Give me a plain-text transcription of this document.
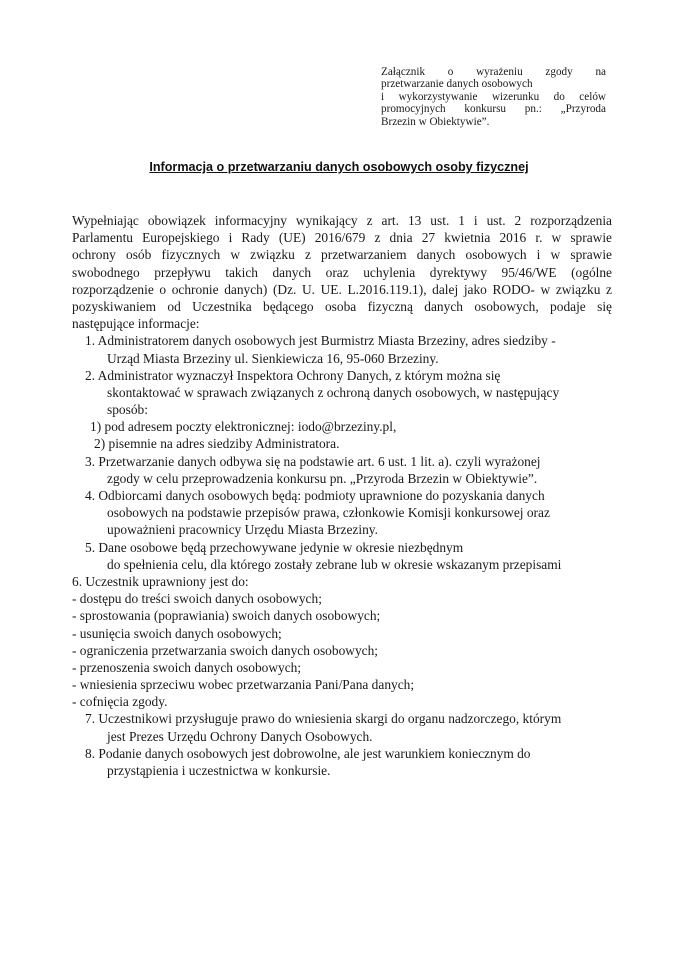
Załącznik o wyrażeniu zgody na
przetwarzanie danych osobowych
i wykorzystywanie wizerunku do celów
promocyjnych konkursu pn.: „Przyroda
Brzezin w Obiektywie”.
Informacja o przetwarzaniu danych osobowych osoby fizycznej
Wypełniając obowiązek informacyjny wynikający z art. 13 ust. 1 i ust. 2 rozporządzenia
Parlamentu Europejskiego i Rady (UE) 2016/679 z dnia 27 kwietnia 2016 r. w sprawie
ochrony osób fizycznych w związku z przetwarzaniem danych osobowych i w sprawie
swobodnego przepływu takich danych oraz uchylenia dyrektywy 95/46/WE (ogólne
rozporządzenie o ochronie danych) (Dz. U. UE. L.2016.119.1), dalej jako RODO- w związku z
pozyskiwaniem od Uczestnika będącego osoba fizyczną danych osobowych, podaje się
następujące informacje:
1. Administratorem danych osobowych jest Burmistrz Miasta Brzeziny, adres siedziby -
Urząd Miasta Brzeziny ul. Sienkiewicza 16, 95-060 Brzeziny.
2. Administrator wyznaczył Inspektora Ochrony Danych, z którym można się
skontaktować w sprawach związanych z ochroną danych osobowych, w następujący
sposób:
1) pod adresem poczty elektronicznej: iodo@brzeziny.pl,
2) pisemnie na adres siedziby Administratora.
3. Przetwarzanie danych odbywa się na podstawie art. 6 ust. 1 lit. a). czyli wyrażonej
zgody w celu przeprowadzenia konkursu pn. „Przyroda Brzezin w Obiektywie”.
4. Odbiorcami danych osobowych będą: podmioty uprawnione do pozyskania danych
osobowych na podstawie przepisów prawa, członkowie Komisji konkursowej oraz
upoważnieni pracownicy Urzędu Miasta Brzeziny.
5. Dane osobowe będą przechowywane jedynie w okresie niezbędnym
do spełnienia celu, dla którego zostały zebrane lub w okresie wskazanym przepisami
6. Uczestnik uprawniony jest do:
- dostępu do treści swoich danych osobowych;
- sprostowania (poprawiania) swoich danych osobowych;
- usunięcia swoich danych osobowych;
- ograniczenia przetwarzania swoich danych osobowych;
- przenoszenia swoich danych osobowych;
- wniesienia sprzeciwu wobec przetwarzania Pani/Pana danych;
- cofnięcia zgody.
7. Uczestnikowi przysługuje prawo do wniesienia skargi do organu nadzorczego, którym
jest Prezes Urzędu Ochrony Danych Osobowych.
8. Podanie danych osobowych jest dobrowolne, ale jest warunkiem koniecznym do
przystąpienia i uczestnictwa w konkursie.
